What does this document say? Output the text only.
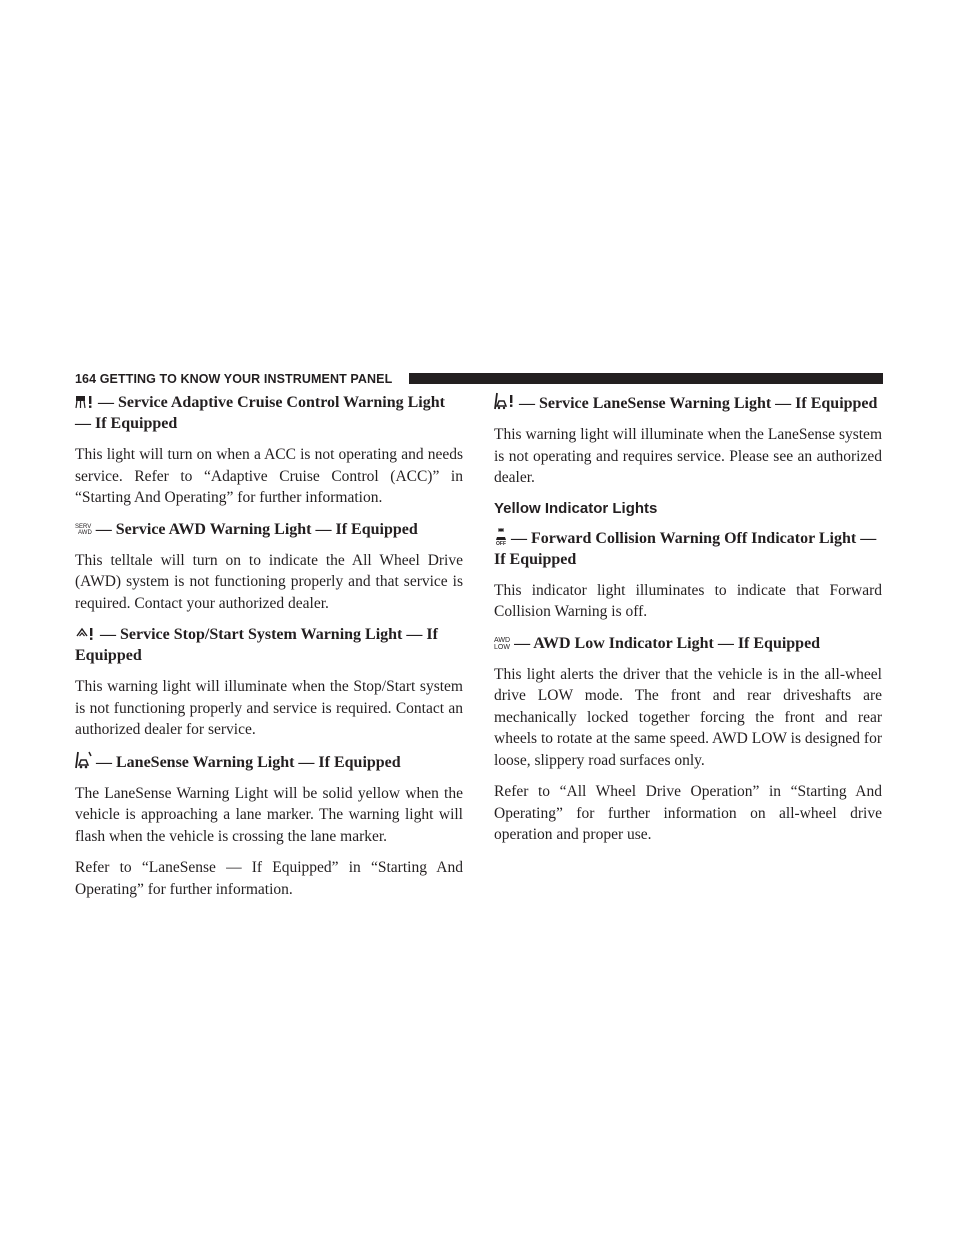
164 GETTING TO KNOW YOUR INSTRUMENT PANEL
— Service Adaptive Cruise Control Warning Light — If Equipped

This light will turn on when a ACC is not operating and needs service. Refer to “Adaptive Cruise Control (ACC)” in “Starting And Operating” for further information.

SERV
AWD — Service AWD Warning Light — If Equipped

This telltale will turn on to indicate the All Wheel Drive (AWD) system is not functioning properly and that service is required. Contact your authorized dealer.

— Service Stop/Start System Warning Light — If Equipped

This warning light will illuminate when the Stop/Start system is not functioning properly and service is required. Contact an authorized dealer for service.

— LaneSense Warning Light — If Equipped

The LaneSense Warning Light will be solid yellow when the vehicle is approaching a lane marker. The warning light will flash when the vehicle is crossing the lane marker.

Refer to “LaneSense — If Equipped” in “Starting And Operating” for further information.

— Service LaneSense Warning Light — If Equipped

This warning light will illuminate when the LaneSense system is not operating and requires service. Please see an authorized dealer.

Yellow Indicator Lights
OFF — Forward Collision Warning Off Indicator Light — If Equipped

This indicator light illuminates to indicate that Forward Collision Warning is off.

AWD
LOW — AWD Low Indicator Light — If Equipped

This light alerts the driver that the vehicle is in the all-wheel drive LOW mode. The front and rear driveshafts are mechanically locked together forcing the front and rear wheels to rotate at the same speed. AWD LOW is designed for loose, slippery road surfaces only.

Refer to “All Wheel Drive Operation” in “Starting And Operating” for further information on all-wheel drive operation and proper use.
